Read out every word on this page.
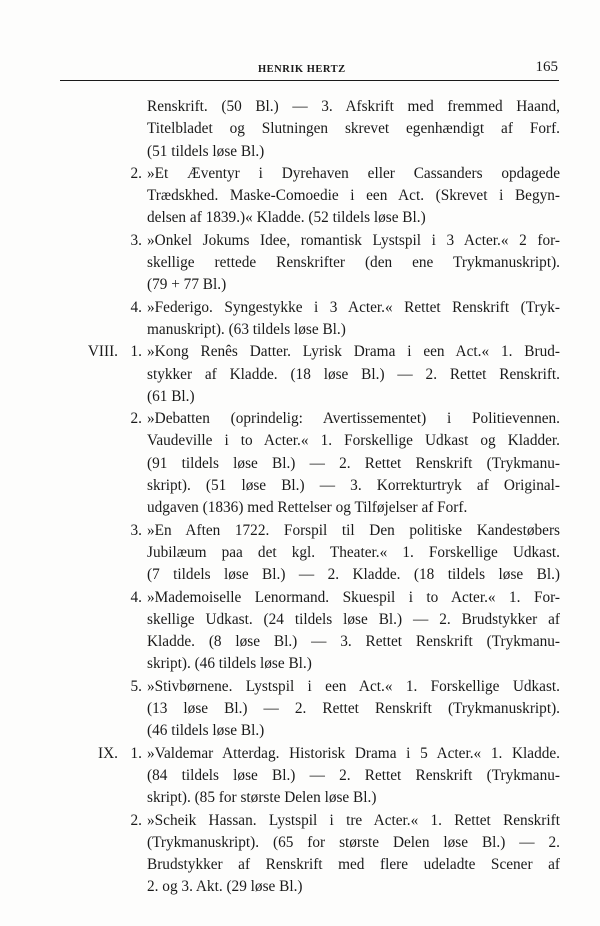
HENRIK HERTZ	165
Renskrift. (50 Bl.) — 3. Afskrift med fremmed Haand,
Titelbladet og Slutningen skrevet egenhændigt af Forf.
(51 tildels løse Bl.)
2. »Et Æventyr i Dyrehaven eller Cassanders opdagede
Trædskhed. Maske-Comoedie i een Act. (Skrevet i Begyn-
delsen af 1839.)« Kladde. (52 tildels løse Bl.)
3. »Onkel Jokums Idee, romantisk Lystspil i 3 Acter.« 2 for-
skellige rettede Renskrifter (den ene Trykmanuskript).
(79 + 77 Bl.)
4. »Federigo. Syngestykke i 3 Acter.« Rettet Renskrift (Tryk-
manuskript). (63 tildels løse Bl.)
VIII. 1. »Kong Renês Datter. Lyrisk Drama i een Act.« 1. Brud-
stykker af Kladde. (18 løse Bl.) — 2. Rettet Renskrift.
(61 Bl.)
2. »Debatten (oprindelig: Avertissementet) i Politievennen.
Vaudeville i to Acter.« 1. Forskellige Udkast og Kladder.
(91 tildels løse Bl.) — 2. Rettet Renskrift (Trykmanu-
skript). (51 løse Bl.) — 3. Korrekturtryk af Original-
udgaven (1836) med Rettelser og Tilføjelser af Forf.
3. »En Aften 1722. Forspil til Den politiske Kandestøbers
Jubilæum paa det kgl. Theater.« 1. Forskellige Udkast.
(7 tildels løse Bl.) — 2. Kladde. (18 tildels løse Bl.)
4. »Mademoiselle Lenormand. Skuespil i to Acter.« 1. For-
skellige Udkast. (24 tildels løse Bl.) — 2. Brudstykker af
Kladde. (8 løse Bl.) — 3. Rettet Renskrift (Trykmanu-
skript). (46 tildels løse Bl.)
5. »Stivbørnene. Lystspil i een Act.« 1. Forskellige Udkast.
(13 løse Bl.) — 2. Rettet Renskrift (Trykmanuskript).
(46 tildels løse Bl.)
IX. 1. »Valdemar Atterdag. Historisk Drama i 5 Acter.« 1. Kladde.
(84 tildels løse Bl.) — 2. Rettet Renskrift (Trykmanu-
skript). (85 for største Delen løse Bl.)
2. »Scheik Hassan. Lystspil i tre Acter.« 1. Rettet Renskrift
(Trykmanuskript). (65 for største Delen løse Bl.) — 2.
Brudstykker af Renskrift med flere udeladte Scener af
2. og 3. Akt. (29 løse Bl.)
